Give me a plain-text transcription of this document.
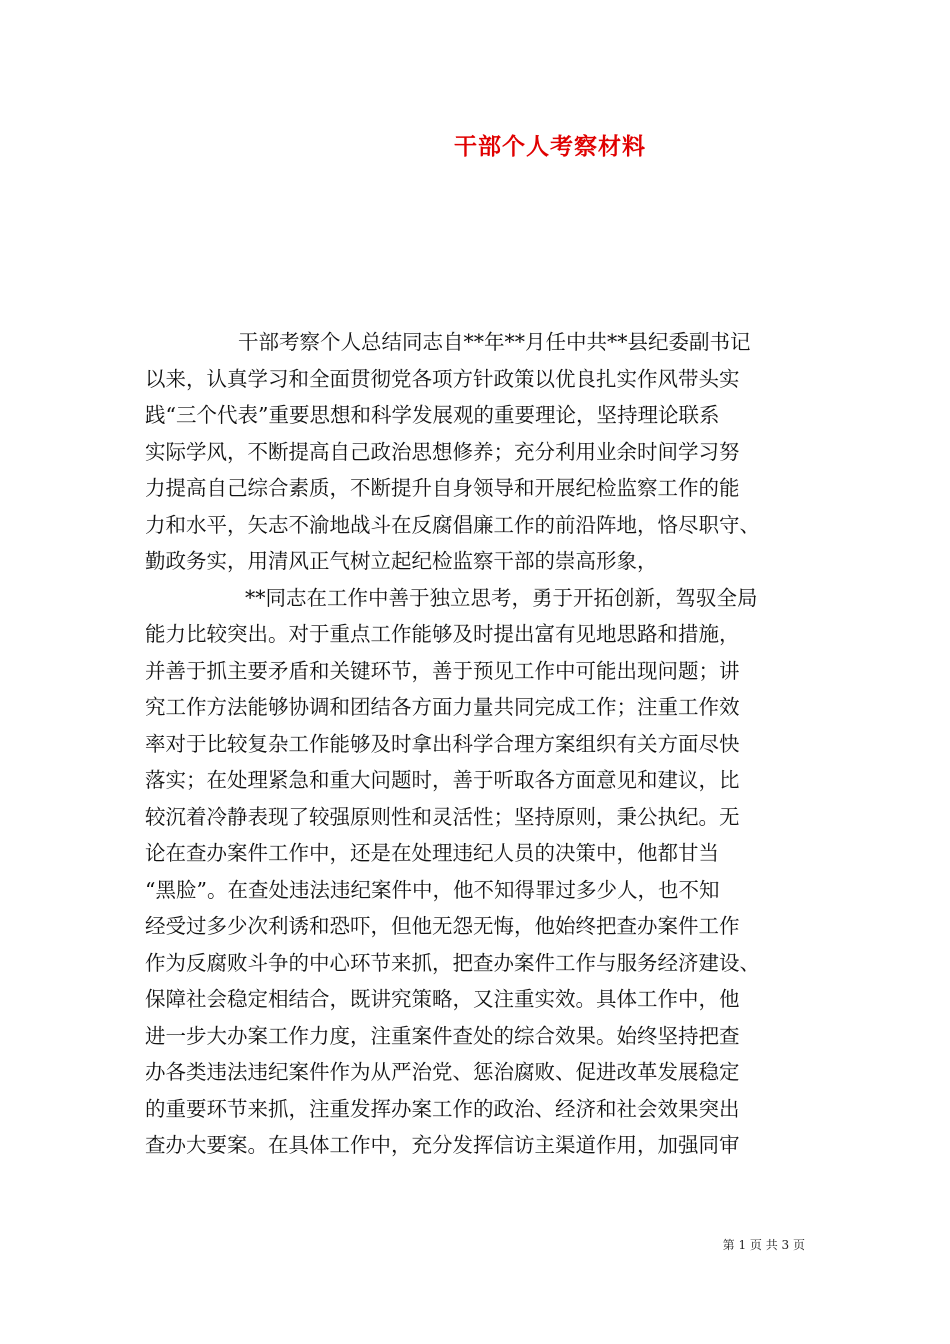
干部个人考察材料
干部考察个人总结同志自**年**月任中共**县纪委副书记
以来，认真学习和全面贯彻党各项方针政策以优良扎实作风带头实
践“三个代表”重要思想和科学发展观的重要理论，坚持理论联系
实际学风，不断提高自己政治思想修养；充分利用业余时间学习努
力提高自己综合素质，不断提升自身领导和开展纪检监察工作的能
力和水平，矢志不渝地战斗在反腐倡廉工作的前沿阵地，恪尽职守、
勤政务实，用清风正气树立起纪检监察干部的崇高形象，
**同志在工作中善于独立思考，勇于开拓创新，驾驭全局
能力比较突出。对于重点工作能够及时提出富有见地思路和措施，
并善于抓主要矛盾和关键环节，善于预见工作中可能出现问题；讲
究工作方法能够协调和团结各方面力量共同完成工作；注重工作效
率对于比较复杂工作能够及时拿出科学合理方案组织有关方面尽快
落实；在处理紧急和重大问题时，善于听取各方面意见和建议，比
较沉着冷静表现了较强原则性和灵活性；坚持原则，秉公执纪。无
论在查办案件工作中，还是在处理违纪人员的决策中，他都甘当
“黑脸”。在查处违法违纪案件中，他不知得罪过多少人，也不知
经受过多少次利诱和恐吓，但他无怨无悔，他始终把查办案件工作
作为反腐败斗争的中心环节来抓，把查办案件工作与服务经济建设、
保障社会稳定相结合，既讲究策略，又注重实效。具体工作中，他
进一步大办案工作力度，注重案件查处的综合效果。始终坚持把查
办各类违法违纪案件作为从严治党、惩治腐败、促进改革发展稳定
的重要环节来抓，注重发挥办案工作的政治、经济和社会效果突出
查办大要案。在具体工作中，充分发挥信访主渠道作用，加强同审
第 1 页 共 3 页
